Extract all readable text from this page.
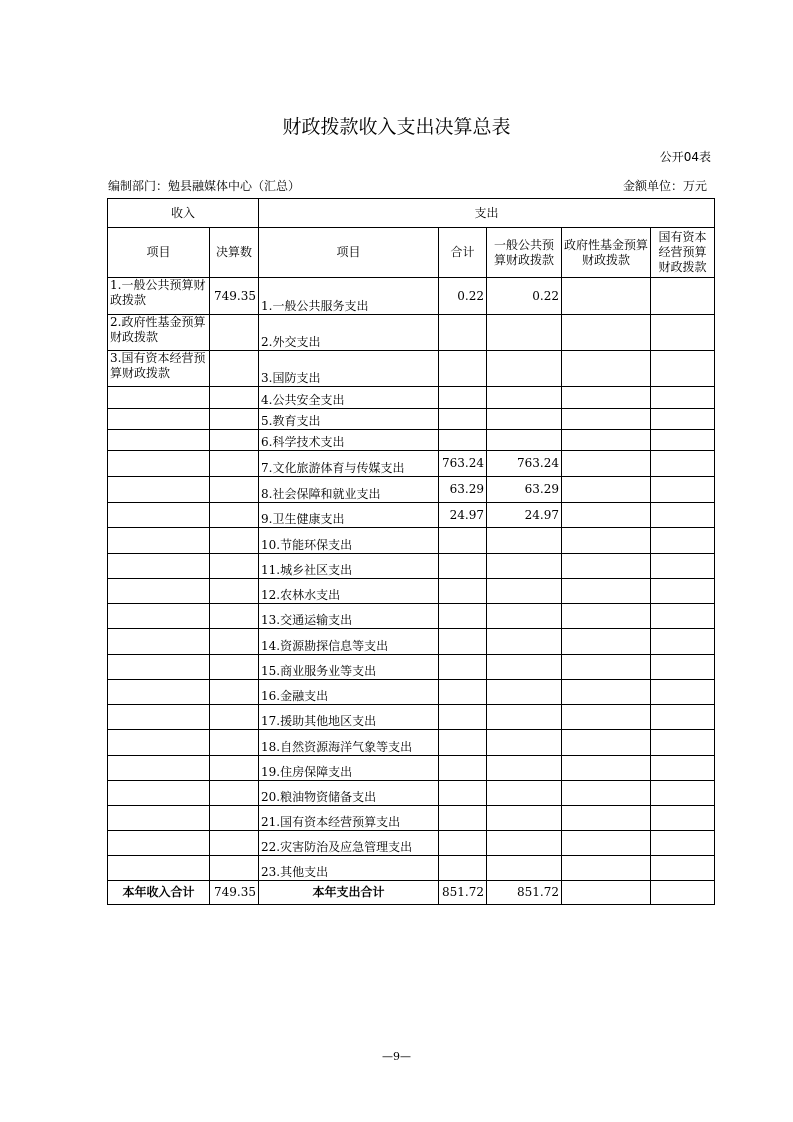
财政拨款收入支出决算总表
公开04表
编制部门：勉县融媒体中心（汇总）	金额单位：万元
收入		支出				
项目	决算数	项目	合计	一般公共预算财政拨款	政府性基金预算财政拨款	国有资本经营预算财政拨款
1.一般公共预算财政拨款	749.35	1.一般公共服务支出	0.22	0.22		
2.政府性基金预算财政拨款		2.外交支出				
3.国有资本经营预算财政拨款		3.国防支出				
		4.公共安全支出				
		5.教育支出				
		6.科学技术支出				
		7.文化旅游体育与传媒支出	763.24	763.24		
		8.社会保障和就业支出	63.29	63.29		
		9.卫生健康支出	24.97	24.97		
		10.节能环保支出				
		11.城乡社区支出				
		12.农林水支出				
		13.交通运输支出				
		14.资源勘探信息等支出				
		15.商业服务业等支出				
		16.金融支出				
		17.援助其他地区支出				
		18.自然资源海洋气象等支出				
		19.住房保障支出				
		20.粮油物资储备支出				
		21.国有资本经营预算支出				
		22.灾害防治及应急管理支出				
		23.其他支出				
本年收入合计	749.35	本年支出合计	851.72	851.72		
—9—
